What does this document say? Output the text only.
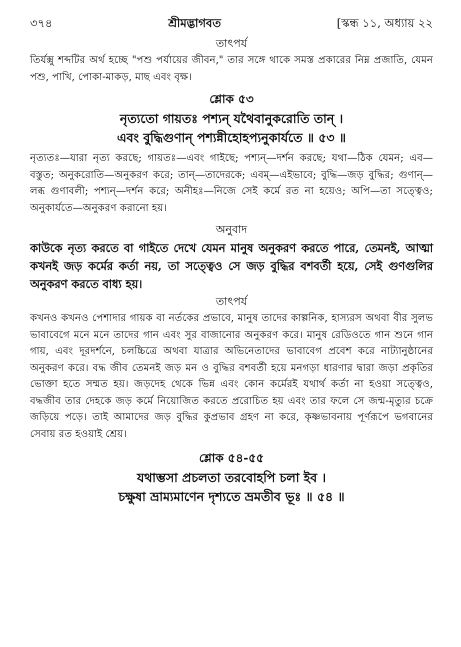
৩৭৪	শ্রীমদ্ভাগবত	[স্কন্ধ ১১, অধ্যায় ২২
তাৎপর্য

তির্যক্সু শব্দটির অর্থ হচ্ছে "পশু পর্যায়ের জীবন," তার সঙ্গে থাকে সমস্ত প্রকারের নিম্ন প্রজাতি, যেমন পশু, পাখি, পোকা-মাকড়, মাছ এবং বৃক্ষ।

শ্লোক ৫৩
নৃত্যতো গায়তঃ পশ্যন্ যথৈবানুকরোতি তান্ ।
এবং বুদ্ধিগুণান্ পশ্যন্নীহোহপ্যনুকার্যতে ॥ ৫৩ ॥

নৃত্যতঃ—যারা নৃত্য করছে; গায়তঃ—এবং গাইছে; পশ্যন্—দর্শন করছে; যথা—ঠিক যেমন; এব—বস্তুত; অনুকরোতি—অনুকরণ করে; তান্—তাদেরকে; এবম্—এইভাবে; বুদ্ধি—জড় বুদ্ধির; গুণান্—লব্ধ গুণাবলী; পশ্যন্—দর্শন করে; অনীহঃ—নিজে সেই কর্মে রত না হয়েও; অপি—তা সত্ত্বেও; অনুকার্যতে—অনুকরণ করানো হয়।

অনুবাদ

কাউকে নৃত্য করতে বা গাইতে দেখে যেমন মানুষ অনুকরণ করতে পারে, তেমনই, আত্মা কখনই জড় কর্মের কর্তা নয়, তা সত্ত্বেও সে জড় বুদ্ধির বশবর্তী হয়ে, সেই গুণগুলির অনুকরণ করতে বাধ্য হয়।

তাৎপর্য

কখনও কখনও পেশাদার গায়ক বা নর্তকের প্রভাবে, মানুষ তাদের কাল্পনিক, হাস্যরস অথবা বীর সুলভ ভাবাবেগে মনে মনে তাদের গান এবং সুর বাজানোর অনুকরণ করে। মানুষ রেডিওতে গান শুনে গান গায়, এবং দূরদর্শনে, চলচ্চিত্রে অথবা যাত্রার অভিনেতাদের ভাবাবেগ প্রবেশ করে নাট্যানুষ্ঠানের অনুকরণ করে। বদ্ধ জীব তেমনই জড় মন ও বুদ্ধির বশবর্তী হয়ে মনগড়া ধারণার দ্বারা জড়া প্রকৃতির ভোক্তা হতে সম্মত হয়। জড়দেহ থেকে ভিন্ন এবং কোন কর্মেরই যথার্থ কর্তা না হওয়া সত্ত্বেও, বদ্ধজীব তার দেহকে জড় কর্মে নিয়োজিত করতে প্ররোচিত হয় এবং তার ফলে সে জন্ম-মৃত্যুর চক্রে জড়িয়ে পড়ে। তাই আমাদের জড় বুদ্ধির কুপ্রভাব গ্রহণ না করে, কৃষ্ণভাবনায় পূর্ণরূপে ভগবানের সেবায় রত হওয়াই শ্রেয়।

শ্লোক ৫৪-৫৫
যথাম্ভসা প্রচলতা তরবোহপি চলা ইব ।
চক্ষুষা ভ্রাম্যমাণেন দৃশ্যতে ভ্রমতীব ভূঃ ॥ ৫৪ ॥
